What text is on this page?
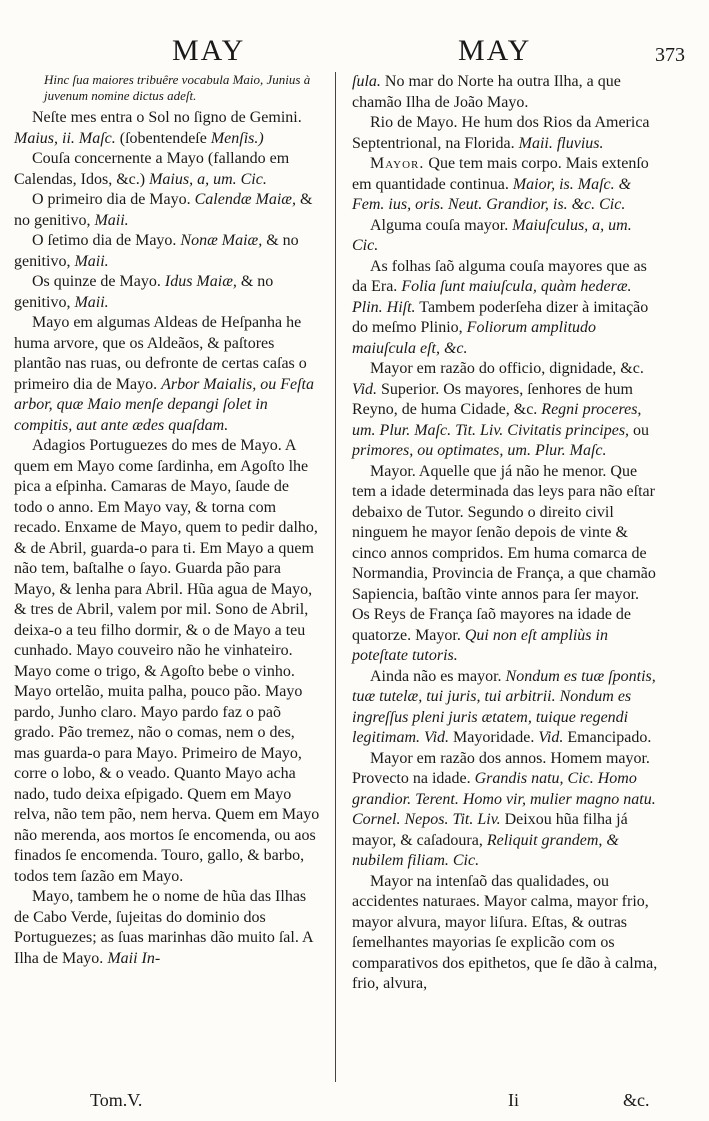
MAY	MAY	373

Hinc ſua maiores tribuêre vocabula Maio, Junius à juvenum nomine dictus adeſt.

Neſte mes entra o Sol no ſigno de Gemini. Maius, ii. Maſc. (ſobentendeſe Menſis.)

Couſa concernente a Mayo (fallando em Calendas, Idos, &c.) Maius, a, um. Cic.

O primeiro dia de Mayo. Calendæ Maiæ, & no genitivo, Maii.

O ſetimo dia de Mayo. Nonæ Maiæ, & no genitivo, Maii.

Os quinze de Mayo. Idus Maiæ, & no genitivo, Maii.

Mayo em algumas Aldeas de Heſpanha he huma arvore, que os Aldeãos, & paſtores plantão nas ruas, ou defronte de certas caſas o primeiro dia de Mayo. Arbor Maialis, ou Feſta arbor, quæ Maio menſe depangi ſolet in compitis, aut ante ædes quaſdam.

Adagios Portuguezes do mes de Mayo. A quem em Mayo come ſardinha, em Agoſto lhe pica a eſpinha. Camaras de Mayo, ſaude de todo o anno. Em Mayo vay, & torna com recado. Enxame de Mayo, quem to pedir dalho, & de Abril, guarda-o para ti. Em Mayo a quem não tem, baſtalhe o ſayo. Guarda pão para Mayo, & lenha para Abril. Hũa agua de Mayo, & tres de Abril, valem por mil. Sono de Abril, deixa-o a teu filho dormir, & o de Mayo a teu cunhado. Mayo couveiro não he vinhateiro. Mayo come o trigo, & Agoſto bebe o vinho. Mayo ortelão, muita palha, pouco pão. Mayo pardo, Junho claro. Mayo pardo faz o paõ grado. Pão tremez, não o comas, nem o des, mas guarda-o para Mayo. Primeiro de Mayo, corre o lobo, & o veado. Quanto Mayo acha nado, tudo deixa eſpigado. Quem em Mayo relva, não tem pão, nem herva. Quem em Mayo não merenda, aos mortos ſe encomenda, ou aos finados ſe encomenda. Touro, gallo, & barbo, todos tem ſazão em Mayo.

Mayo, tambem he o nome de hũa das Ilhas de Cabo Verde, ſujeitas do dominio dos Portuguezes; as ſuas marinhas dão muito ſal. A Ilha de Mayo. Maii In-

ſula. No mar do Norte ha outra Ilha, a que chamão Ilha de João Mayo.

Rio de Mayo. He hum dos Rios da America Septentrional, na Florida. Maii. fluvius.

Mayor. Que tem mais corpo. Mais extenſo em quantidade continua. Maior, is. Maſc. & Fem. ius, oris. Neut. Grandior, is. &c. Cic.

Alguma couſa mayor. Maiuſculus, a, um. Cic.

As folhas ſaõ alguma couſa mayores que as da Era. Folia ſunt maiuſcula, quàm hederæ. Plin. Hiſt. Tambem poderſeha dizer à imitação do meſmo Plinio, Foliorum amplitudo maiuſcula eſt, &c.

Mayor em razão do officio, dignidade, &c. Vid. Superior. Os mayores, ſenhores de hum Reyno, de huma Cidade, &c. Regni proceres, um. Plur. Maſc. Tit. Liv. Civitatis principes, ou primores, ou optimates, um. Plur. Maſc.

Mayor. Aquelle que já não he menor. Que tem a idade determinada das leys para não eſtar debaixo de Tutor. Segundo o direito civil ninguem he mayor ſenão depois de vinte & cinco annos compridos. Em huma comarca de Normandia, Provincia de França, a que chamão Sapiencia, baſtão vinte annos para ſer mayor. Os Reys de França ſaõ mayores na idade de quatorze. Mayor. Qui non eſt ampliùs in poteſtate tutoris.

Ainda não es mayor. Nondum es tuæ ſpontis, tuæ tutelæ, tui juris, tui arbitrii. Nondum es ingreſſus pleni juris ætatem, tuique regendi legitimam. Vid. Mayoridade. Vid. Emancipado.

Mayor em razão dos annos. Homem mayor. Provecto na idade. Grandis natu, Cic. Homo grandior. Terent. Homo vir, mulier magno natu. Cornel. Nepos. Tit. Liv. Deixou hũa filha já mayor, & caſadoura, Reliquit grandem, & nubilem filiam. Cic.

Mayor na intenſaõ das qualidades, ou accidentes naturaes. Mayor calma, mayor frio, mayor alvura, mayor liſura. Eſtas, & outras ſemelhantes mayorias ſe explicão com os comparativos dos epithetos, que ſe dão à calma, frio, alvura,

Tom.V.	Ii	&c.
